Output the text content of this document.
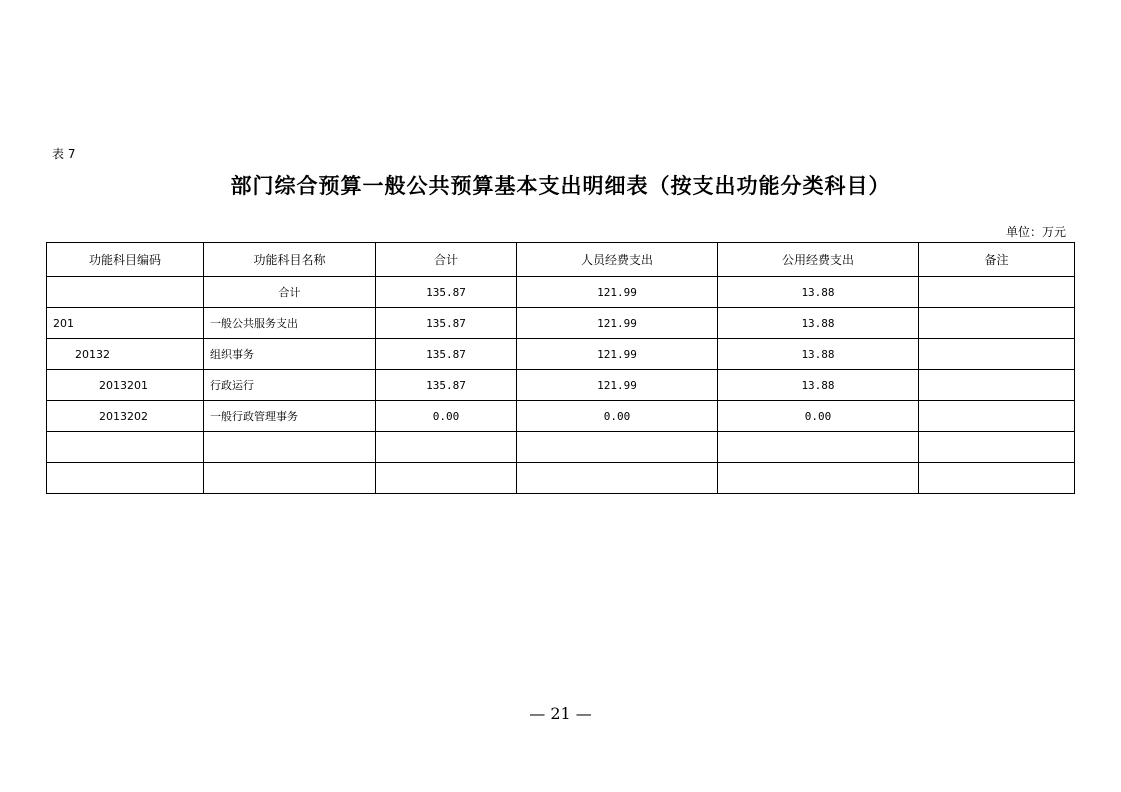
表 7
部门综合预算一般公共预算基本支出明细表（按支出功能分类科目）
单位：万元
功能科目编码	功能科目名称	合计	人员经费支出	公用经费支出	备注
	合计	135.87	121.99	13.88	
201	一般公共服务支出	135.87	121.99	13.88	
20132	组织事务	135.87	121.99	13.88	
2013201	行政运行	135.87	121.99	13.88	
2013202	一般行政管理事务	0.00	0.00	0.00	

— 21 —
